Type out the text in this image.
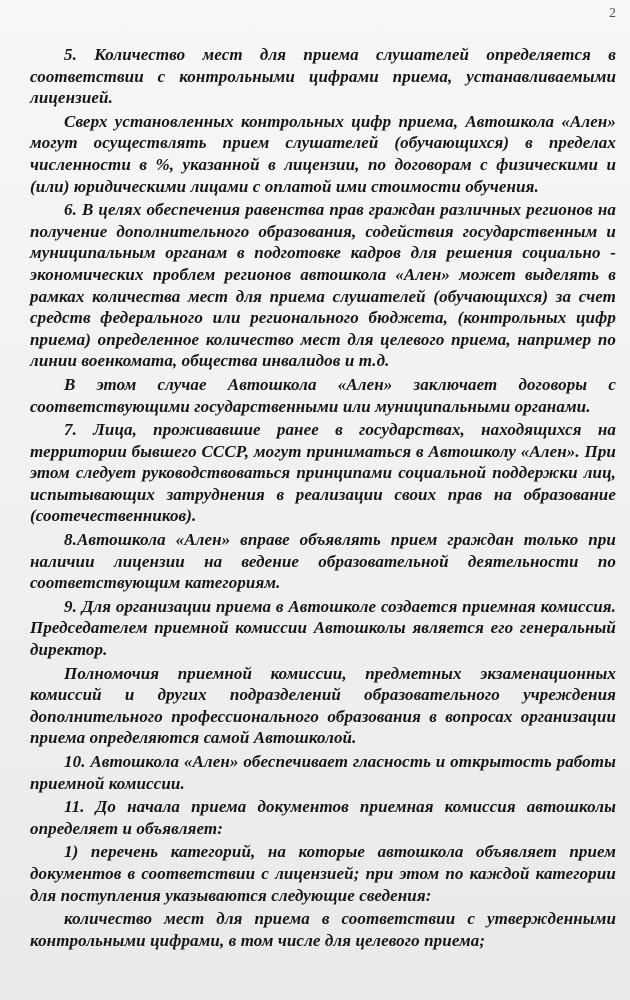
2

5. Количество мест для приема слушателей определяется в соответствии с контрольными цифрами приема, устанавливаемыми лицензией.

Сверх установленных контрольных цифр приема, Автошкола «Ален» могут осуществлять прием слушателей (обучающихся) в пределах численности в %, указанной в лицензии, по договорам с физическими и (или) юридическими лицами с оплатой ими стоимости обучения.

6. В целях обеспечения равенства прав граждан различных регионов на получение дополнительного образования, содействия государственным и муниципальным органам в подготовке кадров для решения социально - экономических проблем регионов автошкола «Ален» может выделять в рамках количества мест для приема слушателей (обучающихся) за счет средств федерального или регионального бюджета, (контрольных цифр приема) определенное количество мест для целевого приема, например по линии военкомата, общества инвалидов и т.д.

В этом случае Автошкола «Ален» заключает договоры с соответствующими государственными или муниципальными органами.

7. Лица, проживавшие ранее в государствах, находящихся на территории бывшего СССР, могут приниматься в Автошколу «Ален». При этом следует руководствоваться принципами социальной поддержки лиц, испытывающих затруднения в реализации своих прав на образование (соотечественников).

8.Автошкола «Ален» вправе объявлять прием граждан только при наличии лицензии на ведение образовательной деятельности по соответствующим категориям.

9. Для организации приема в Автошколе создается приемная комиссия. Председателем приемной комиссии Автошколы является его генеральный директор.

Полномочия приемной комиссии, предметных экзаменационных комиссий и других подразделений образовательного учреждения дополнительного профессионального образования в вопросах организации приема определяются самой Автошколой.

10. Автошкола «Ален» обеспечивает гласность и открытость работы приемной комиссии.

11. До начала приема документов приемная комиссия автошколы определяет и объявляет:

1) перечень категорий, на которые автошкола объявляет прием документов в соответствии с лицензией; при этом по каждой категории для поступления указываются следующие сведения:

количество мест для приема в соответствии с утвержденными контрольными цифрами, в том числе для целевого приема;
